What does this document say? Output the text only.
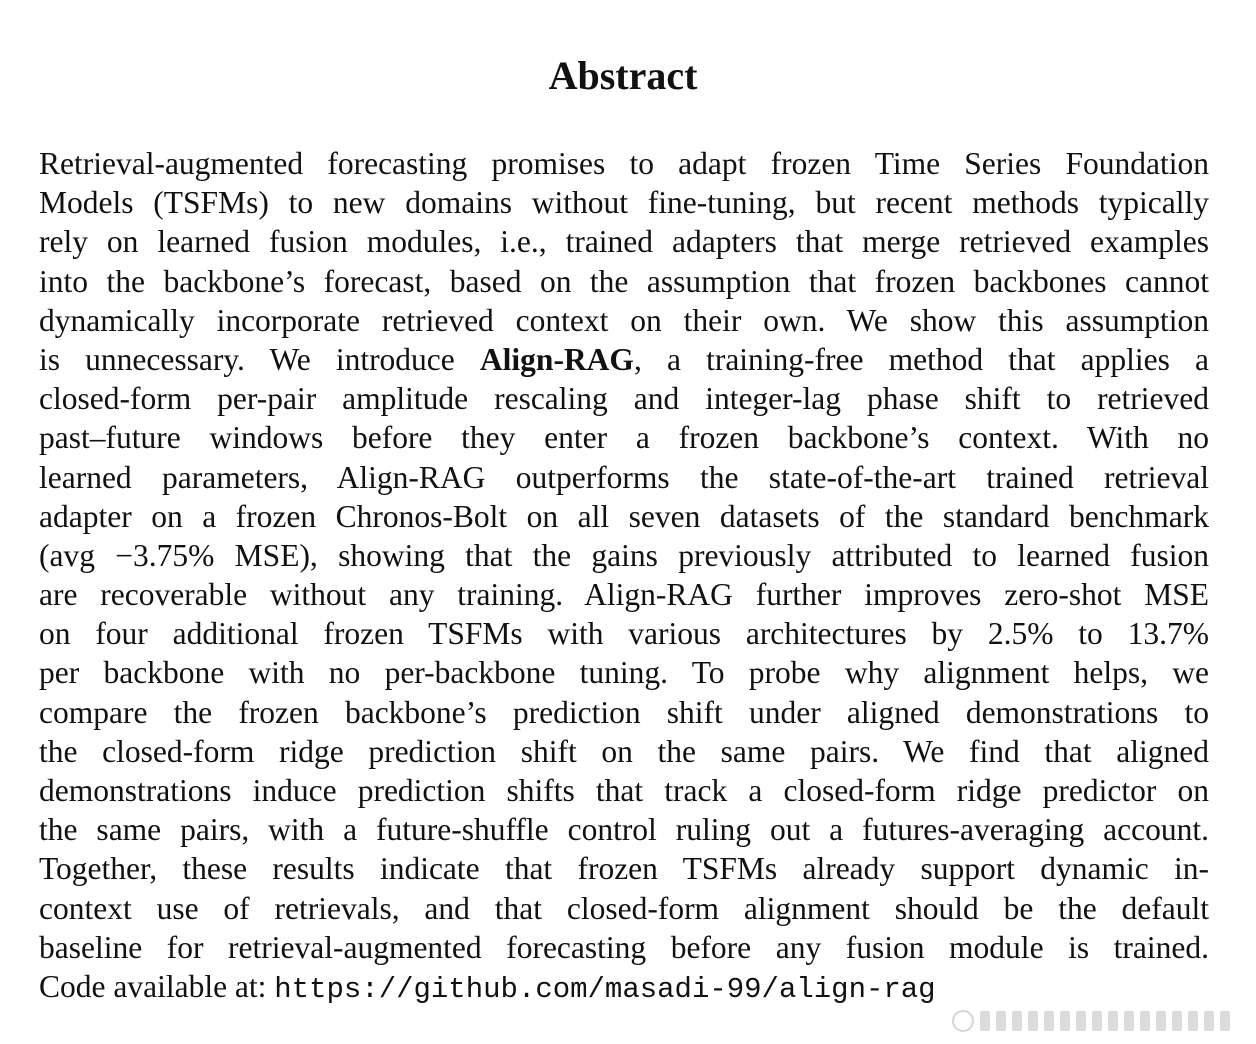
Abstract
Retrieval-augmented forecasting promises to adapt frozen Time Series Foundation
Models (TSFMs) to new domains without fine-tuning, but recent methods typically
rely on learned fusion modules, i.e., trained adapters that merge retrieved examples
into the backbone’s forecast, based on the assumption that frozen backbones cannot
dynamically incorporate retrieved context on their own. We show this assumption
is unnecessary. We introduce Align-RAG, a training-free method that applies a
closed-form per-pair amplitude rescaling and integer-lag phase shift to retrieved
past–future windows before they enter a frozen backbone’s context. With no
learned parameters, Align-RAG outperforms the state-of-the-art trained retrieval
adapter on a frozen Chronos-Bolt on all seven datasets of the standard benchmark
(avg −3.75% MSE), showing that the gains previously attributed to learned fusion
are recoverable without any training. Align-RAG further improves zero-shot MSE
on four additional frozen TSFMs with various architectures by 2.5% to 13.7%
per backbone with no per-backbone tuning. To probe why alignment helps, we
compare the frozen backbone’s prediction shift under aligned demonstrations to
the closed-form ridge prediction shift on the same pairs. We find that aligned
demonstrations induce prediction shifts that track a closed-form ridge predictor on
the same pairs, with a future-shuffle control ruling out a futures-averaging account.
Together, these results indicate that frozen TSFMs already support dynamic in-
context use of retrievals, and that closed-form alignment should be the default
baseline for retrieval-augmented forecasting before any fusion module is trained.
Code available at: https://github.com/masadi-99/align-rag
